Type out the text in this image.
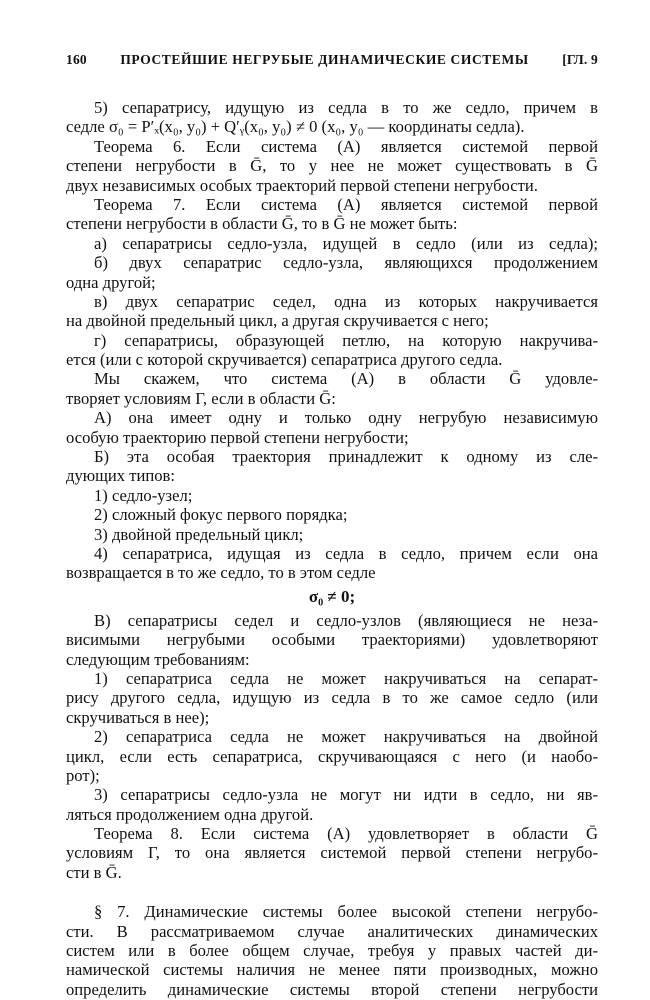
160 ПРОСТЕЙШИЕ НЕГРУБЫЕ ДИНАМИЧЕСКИЕ СИСТЕМЫ [ГЛ. 9
5) сепаратрису, идущую из седла в то же седло, причем в
седле σ₀ = P′ₓ(x₀, y₀) + Q′ᵧ(x₀, y₀) ≠ 0 (x₀, y₀ — координаты седла).
Теорема 6. Если система (A) является системой первой
степени негрубости в Ḡ, то у нее не может существовать в Ḡ
двух независимых особых траекторий первой степени негрубости.
Теорема 7. Если система (A) является системой первой
степени негрубости в области Ḡ, то в Ḡ не может быть:
а) сепаратрисы седло-узла, идущей в седло (или из седла);
б) двух сепаратрис седло-узла, являющихся продолжением
одна другой;
в) двух сепаратрис седел, одна из которых накручивается
на двойной предельный цикл, а другая скручивается с него;
г) сепаратрисы, образующей петлю, на которую накручива-
ется (или с которой скручивается) сепаратриса другого седла.
Мы скажем, что система (A) в области Ḡ удовле-
творяет условиям Г, если в области Ḡ:
А) она имеет одну и только одну негрубую независимую
особую траекторию первой степени негрубости;
Б) эта особая траектория принадлежит к одному из сле-
дующих типов:
1) седло-узел;
2) сложный фокус первого порядка;
3) двойной предельный цикл;
4) сепаратриса, идущая из седла в седло, причем если она
возвращается в то же седло, то в этом седле
σ₀ ≠ 0;
В) сепаратрисы седел и седло-узлов (являющиеся не неза-
висимыми негрубыми особыми траекториями) удовлетворяют
следующим требованиям:
1) сепаратриса седла не может накручиваться на сепарат-
рису другого седла, идущую из седла в то же самое седло (или
скручиваться в нее);
2) сепаратриса седла не может накручиваться на двойной
цикл, если есть сепаратриса, скручивающаяся с него (и наобо-
рот);
3) сепаратрисы седло-узла не могут ни идти в седло, ни яв-
ляться продолжением одна другой.
Теорема 8. Если система (A) удовлетворяет в области Ḡ
условиям Г, то она является системой первой степени негрубо-
сти в Ḡ.
§ 7. Динамические системы более высокой степени негрубо-
сти. В рассматриваемом случае аналитических динамических
систем или в более общем случае, требуя у правых частей ди-
намической системы наличия не менее пяти производных, можно
определить динамические системы второй степени негрубости
